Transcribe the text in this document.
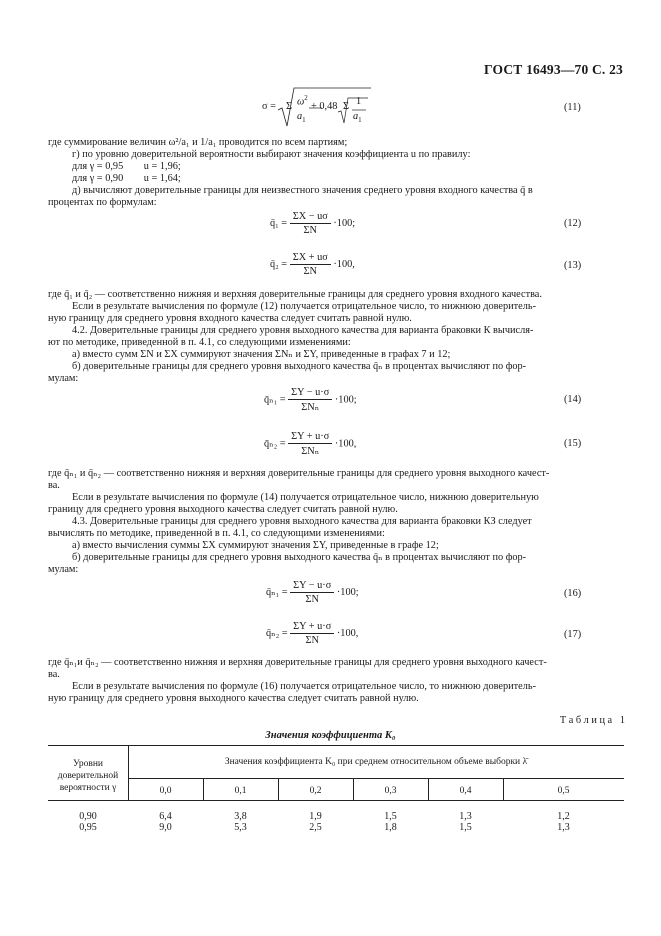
ГОСТ 16493—70 С. 23
σ = Σ $\omega^2$
$a_1$
+ 0,48 Σ 1
$a_1$
(11)
где суммирование величин ω²/a₁ и 1/a₁ проводится по всем партиям;
г) по уровню доверительной вероятности выбирают значения коэффициента u по правилу:
для γ = 0,95        u = 1,96;
для γ = 0,90        u = 1,64;
д) вычисляют доверительные границы для неизвестного значения среднего уровня входного качества q̄ в
процентах по формулам:
q̄₁ = $\frac{\Sigma X - u\sigma}{\Sigma N} \cdot 100$;	(12)
q̄₂ = $\frac{\Sigma X + u\sigma}{\Sigma N} \cdot 100$,	(13)
где q̄₁ и q̄₂ — соответственно нижняя и верхняя доверительные границы для среднего уровня входного качества.
Если в результате вычисления по формуле (12) получается отрицательное число, то нижнюю доверитель-
ную границу для среднего уровня входного качества следует считать равной нулю.
4.2. Доверительные границы для среднего уровня выходного качества для варианта браковки К вычисля-
ют по методике, приведенной в п. 4.1, со следующими изменениями:
а) вместо сумм ΣN и ΣX суммируют значения ΣNₙ и ΣY, приведенные в графах 7 и 12;
б) доверительные границы для среднего уровня выходного качества q̄ₙ в процентах вычисляют по фор-
мулам:
q̄ₙ₁ = $\frac{\Sigma Y - u\cdot\sigma}{\text{ΣNₙ}} \cdot 100$;	(14)
q̄ₙ₂ = $\frac{\Sigma Y + u\cdot\sigma}{\text{ΣNₙ}} \cdot 100$,	(15)
где q̄ₙ₁ и q̄ₙ₂ — соответственно нижняя и верхняя доверительные границы для среднего уровня выходного качест-
ва.
Если в результате вычисления по формуле (14) получается отрицательное число, нижнюю доверительную
границу для среднего уровня выходного качества следует считать равной нулю.
4.3. Доверительные границы для среднего уровня выходного качества для варианта браковки КЗ следует
вычислять по методике, приведенной в п. 4.1, со следующими изменениями:
а) вместо вычисления суммы ΣX суммируют значения ΣY, приведенные в графе 12;
б) доверительные границы для среднего уровня выходного качества q̄ₙ в процентах вычисляют по фор-
мулам:
q̄ₙ₁ = $\frac{\Sigma Y - u\cdot\sigma}{\Sigma N} \cdot 100$;	(16)
q̄ₙ₂ = $\frac{\Sigma Y + u\cdot\sigma}{\Sigma N} \cdot 100$,	(17)
где q̄ₙ₁и q̄ₙ₂ — соответственно нижняя и верхняя доверительные границы для среднего уровня выходного качест-
ва.
Если в результате вычисления по формуле (16) получается отрицательное число, то нижнюю доверитель-
ную границу для среднего уровня выходного качества следует считать равной нулю.
Т а б л и ц а   1
Значения коэффициента K₀
Уровни
доверительной
вероятности γ
Значения коэффициента K₀ при среднем относительном объеме выборки λ̄
0,0	0,1	0,2	0,3	0,4	0,5
0,90	6,4	3,8	1,9	1,5	1,3	1,2
0,95	9,0	5,3	2,5	1,8	1,5	1,3
